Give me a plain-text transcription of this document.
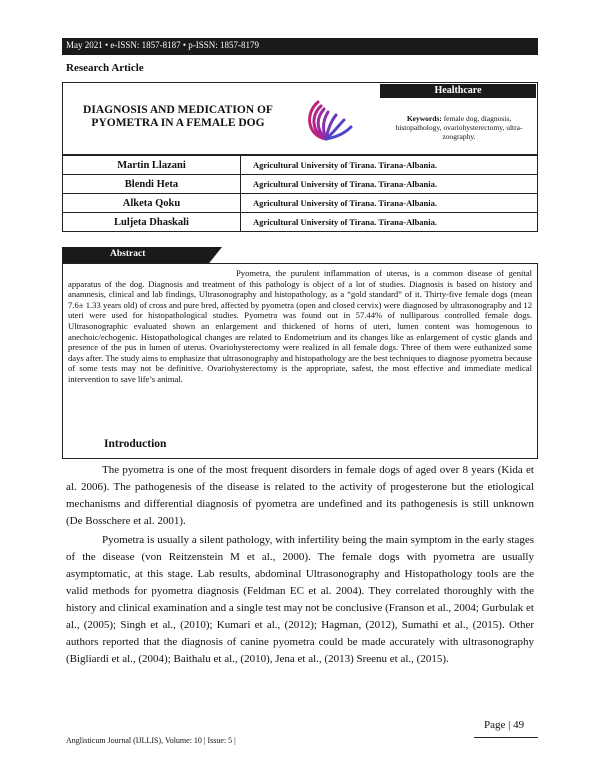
May 2021 • e-ISSN: 1857-8187 • p-ISSN: 1857-8179
Research Article
DIAGNOSIS AND MEDICATION OF PYOMETRA IN A FEMALE DOG
Healthcare
Keywords: female dog, diagnosis, histopathology, ovariohysterectomy, ultra-zoography.
Martin Llazani	Agricultural University of Tirana. Tirana-Albania.
Blendi Heta	Agricultural University of Tirana. Tirana-Albania.
Alketa Qoku	Agricultural University of Tirana. Tirana-Albania.
Luljeta Dhaskali	Agricultural University of Tirana. Tirana-Albania.
Abstract
Pyometra, the purulent inflammation of uterus, is a common disease of genital apparatus of the dog. Diagnosis and treatment of this pathology is object of a lot of studies. Diagnosis is based on history and anamnesis, clinical and lab findings, Ultrasonography and histopathology, as a “gold standard” of it. Thirty-five female dogs (mean 7.6± 1.33 years old) of cross and pure bred, affected by pyometra (open and closed cervix) were diagnosed by ultrasonography and 12 uteri were used for histopathological studies. Pyometra was found out in 57.44% of nulliparous controlled female dogs. Ultrasonographic evaluated shown an enlargement and thickened of horns of uteri, lumen content was homogenous to anechoic/echogenic. Histopathological changes are related to Endometrium and its changes like as enlargement of cystic glands and presence of the pus in lumen of uterus. Ovariohysterectomy were realized in all female dogs. Three of them were euthanized some days after. The study aims to emphasize that ultrasonography and histopathology are the best techniques to diagnose pyometra because of some tests may not be definitive. Ovariohysterectomy is the appropriate, safest, the most effective and immediate medical intervention to save life’s animal.
Introduction
The pyometra is one of the most frequent disorders in female dogs of aged over 8 years (Kida et al. 2006). The pathogenesis of the disease is related to the activity of progesterone but the etiological mechanisms and differential diagnosis of pyometra are undefined and its pathogenesis is still unknown (De Bosschere et al. 2001).
Pyometra is usually a silent pathology, with infertility being the main symptom in the early stages of the disease (von Reitzenstein M et al., 2000). The female dogs with pyometra are usually asymptomatic, at this stage. Lab results, abdominal Ultrasonography and Histopathology tools are the valid methods for pyometra diagnosis (Feldman EC et al. 2004). They correlated thoroughly with the history and clinical examination and a single test may not be conclusive (Franson et al., 2004; Gurbulak et al., (2005); Singh et al., (2010); Kumari et al., (2012); Hagman, (2012), Sumathi et al., (2015). Other authors reported that the diagnosis of canine pyometra could be made accurately with ultrasonography (Bigliardi et al., (2004); Baithalu et al., (2010), Jena et al., (2013) Sreenu et al., (2015).
Page | 49
Anglisticum Journal (IJLLIS), Volume: 10 | Issue: 5 |
